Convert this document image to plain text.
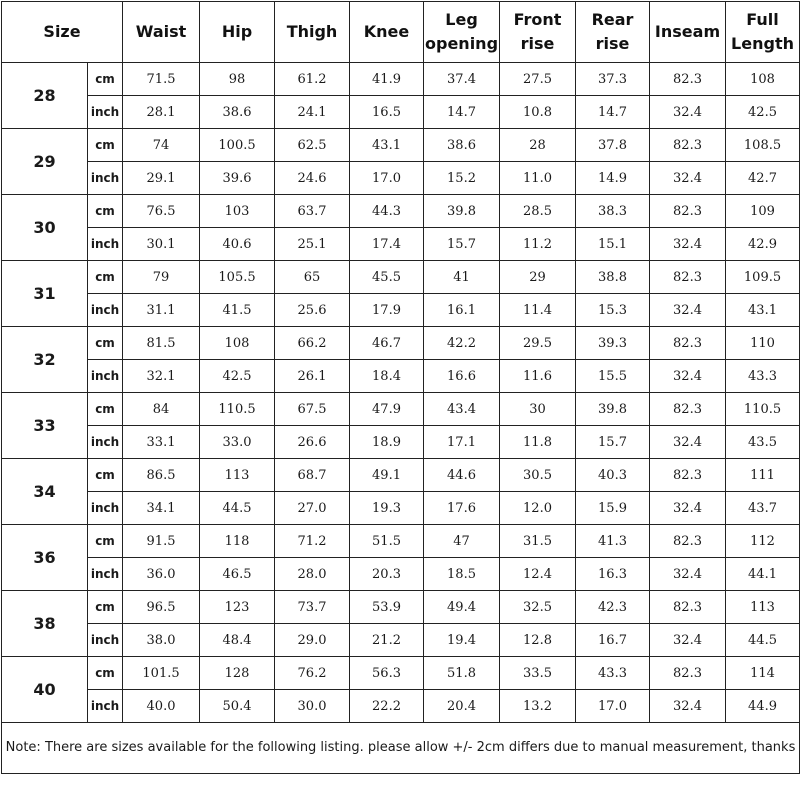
Size		Waist	Hip	Thigh	Knee	Leg opening	Front rise	Rear rise	Inseam	Full Length
28	cm	71.5	98	61.2	41.9	37.4	27.5	37.3	82.3	108
	inch	28.1	38.6	24.1	16.5	14.7	10.8	14.7	32.4	42.5
29	cm	74	100.5	62.5	43.1	38.6	28	37.8	82.3	108.5
	inch	29.1	39.6	24.6	17.0	15.2	11.0	14.9	32.4	42.7
30	cm	76.5	103	63.7	44.3	39.8	28.5	38.3	82.3	109
	inch	30.1	40.6	25.1	17.4	15.7	11.2	15.1	32.4	42.9
31	cm	79	105.5	65	45.5	41	29	38.8	82.3	109.5
	inch	31.1	41.5	25.6	17.9	16.1	11.4	15.3	32.4	43.1
32	cm	81.5	108	66.2	46.7	42.2	29.5	39.3	82.3	110
	inch	32.1	42.5	26.1	18.4	16.6	11.6	15.5	32.4	43.3
33	cm	84	110.5	67.5	47.9	43.4	30	39.8	82.3	110.5
	inch	33.1	33.0	26.6	18.9	17.1	11.8	15.7	32.4	43.5
34	cm	86.5	113	68.7	49.1	44.6	30.5	40.3	82.3	111
	inch	34.1	44.5	27.0	19.3	17.6	12.0	15.9	32.4	43.7
36	cm	91.5	118	71.2	51.5	47	31.5	41.3	82.3	112
	inch	36.0	46.5	28.0	20.3	18.5	12.4	16.3	32.4	44.1
38	cm	96.5	123	73.7	53.9	49.4	32.5	42.3	82.3	113
	inch	38.0	48.4	29.0	21.2	19.4	12.8	16.7	32.4	44.5
40	cm	101.5	128	76.2	56.3	51.8	33.5	43.3	82.3	114
	inch	40.0	50.4	30.0	22.2	20.4	13.2	17.0	32.4	44.9
Note: There are sizes available for the following listing. please allow +/- 2cm differs due to manual measurement, thanks										
